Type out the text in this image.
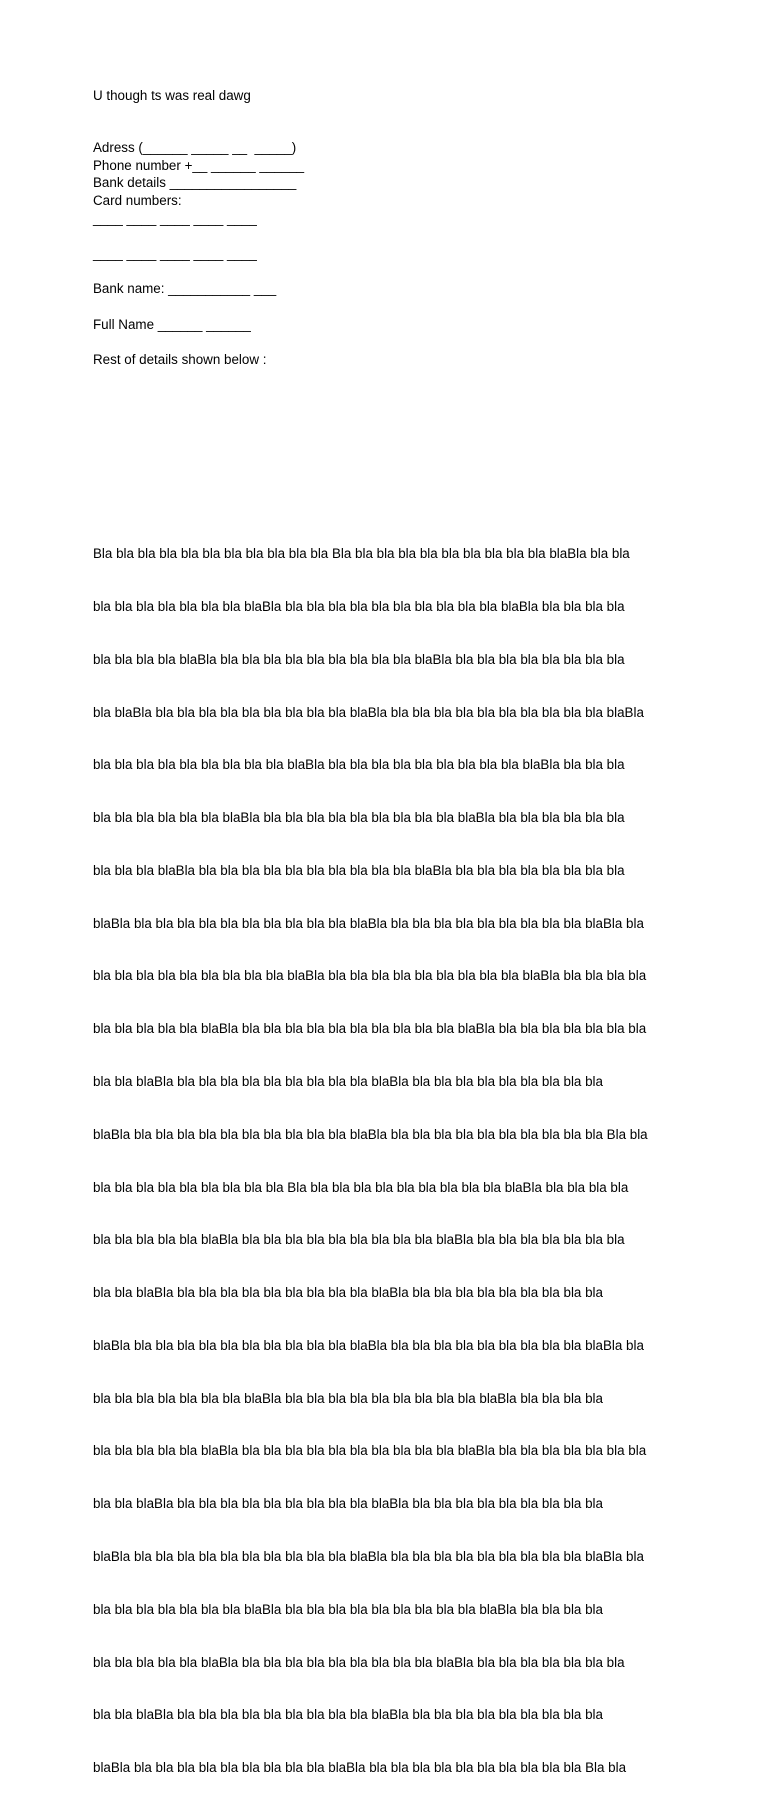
U though ts was real dawg
Adress (______ _____ __  _____)
Phone number +__ ______ ______
Bank details _________________
Card numbers:
____ ____ ____ ____ ____
____ ____ ____ ____ ____
Bank name: ___________ ___
Full Name ______ ______
Rest of details shown below :

Bla bla bla bla bla bla bla bla bla bla bla Bla bla bla bla bla bla bla bla bla bla blaBla bla bla

bla bla bla bla bla bla bla blaBla bla bla bla bla bla bla bla bla bla bla blaBla bla bla bla bla

bla bla bla bla blaBla bla bla bla bla bla bla bla bla bla blaBla bla bla bla bla bla bla bla bla

bla blaBla bla bla bla bla bla bla bla bla bla blaBla bla bla bla bla bla bla bla bla bla bla blaBla

bla bla bla bla bla bla bla bla bla blaBla bla bla bla bla bla bla bla bla bla blaBla bla bla bla

bla bla bla bla bla bla blaBla bla bla bla bla bla bla bla bla bla blaBla bla bla bla bla bla bla

bla bla bla blaBla bla bla bla bla bla bla bla bla bla bla blaBla bla bla bla bla bla bla bla bla

blaBla bla bla bla bla bla bla bla bla bla bla blaBla bla bla bla bla bla bla bla bla bla blaBla bla

bla bla bla bla bla bla bla bla bla blaBla bla bla bla bla bla bla bla bla bla blaBla bla bla bla bla

bla bla bla bla bla blaBla bla bla bla bla bla bla bla bla bla bla blaBla bla bla bla bla bla bla bla

bla bla blaBla bla bla bla bla bla bla bla bla bla blaBla bla bla bla bla bla bla bla bla bla

blaBla bla bla bla bla bla bla bla bla bla bla blaBla bla bla bla bla bla bla bla bla bla bla Bla bla

bla bla bla bla bla bla bla bla bla Bla bla bla bla bla bla bla bla bla bla blaBla bla bla bla bla

bla bla bla bla bla blaBla bla bla bla bla bla bla bla bla bla blaBla bla bla bla bla bla bla bla

bla bla blaBla bla bla bla bla bla bla bla bla bla blaBla bla bla bla bla bla bla bla bla bla

blaBla bla bla bla bla bla bla bla bla bla bla blaBla bla bla bla bla bla bla bla bla bla blaBla bla

bla bla bla bla bla bla bla blaBla bla bla bla bla bla bla bla bla bla blaBla bla bla bla bla

bla bla bla bla bla blaBla bla bla bla bla bla bla bla bla bla bla blaBla bla bla bla bla bla bla bla

bla bla blaBla bla bla bla bla bla bla bla bla bla blaBla bla bla bla bla bla bla bla bla bla

blaBla bla bla bla bla bla bla bla bla bla bla blaBla bla bla bla bla bla bla bla bla bla blaBla bla

bla bla bla bla bla bla bla blaBla bla bla bla bla bla bla bla bla bla blaBla bla bla bla bla

bla bla bla bla bla blaBla bla bla bla bla bla bla bla bla bla blaBla bla bla bla bla bla bla bla

bla bla blaBla bla bla bla bla bla bla bla bla bla blaBla bla bla bla bla bla bla bla bla bla

blaBla bla bla bla bla bla bla bla bla bla blaBla bla bla bla bla bla bla bla bla bla bla Bla bla
